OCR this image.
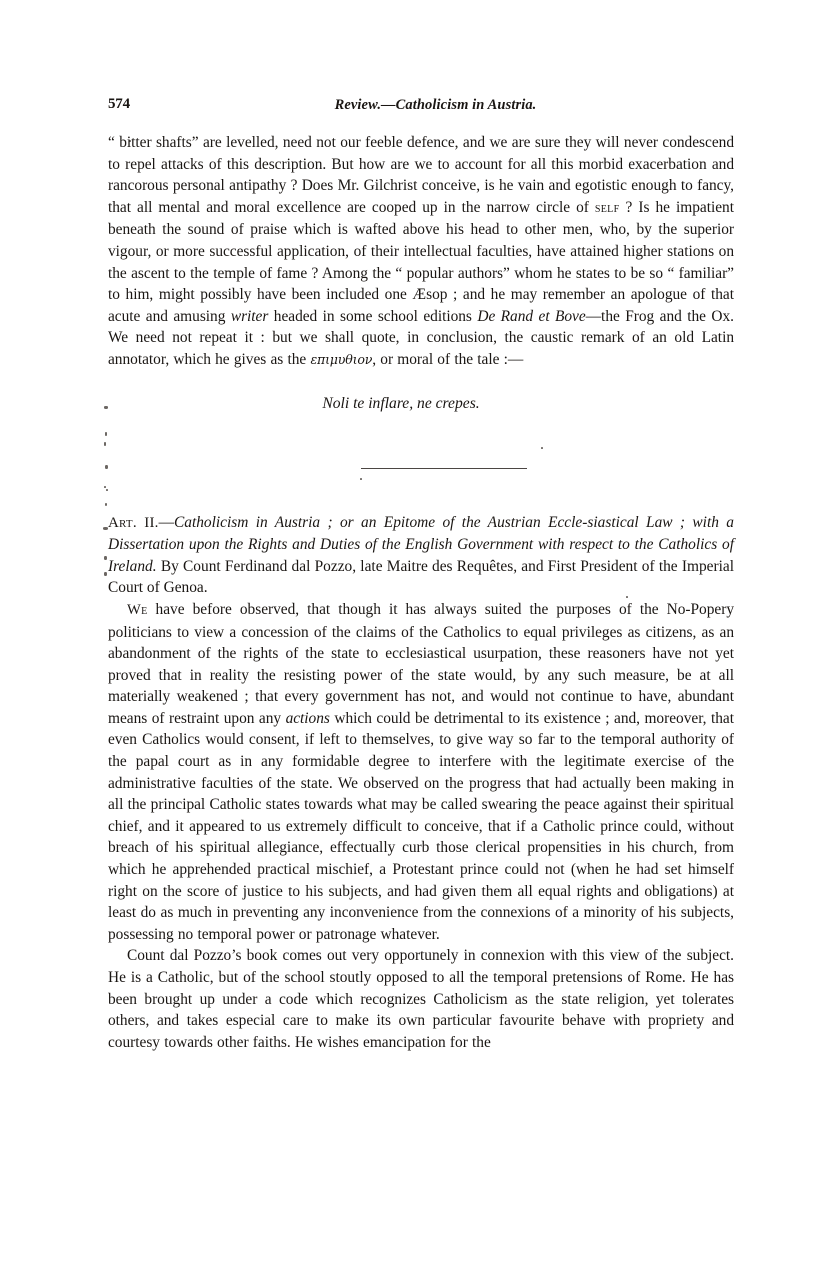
574	Review.—Catholicism in Austria.

“ bitter shafts” are levelled, need not our feeble defence, and we are sure they will never condescend to repel attacks of this description. But how are we to account for all this morbid exacerbation and rancorous personal antipathy ? Does Mr. Gilchrist conceive, is he vain and egotistic enough to fancy, that all mental and moral excellence are cooped up in the narrow circle of self ? Is he impatient beneath the sound of praise which is wafted above his head to other men, who, by the superior vigour, or more successful application, of their intellectual faculties, have attained higher stations on the ascent to the temple of fame ? Among the “ popular authors” whom he states to be so “ familiar” to him, might possibly have been included one Æsop ; and he may remember an apologue of that acute and amusing writer headed in some school editions De Rand et Bove—the Frog and the Ox. We need not repeat it : but we shall quote, in conclusion, the caustic remark of an old Latin annotator, which he gives as the επιμυθιον, or moral of the tale :—

Noli te inflare, ne crepes.

Art. II.—Catholicism in Austria ; or an Epitome of the Austrian Eccle-siastical Law ; with a Dissertation upon the Rights and Duties of the English Government with respect to the Catholics of Ireland. By Count Ferdinand dal Pozzo, late Maitre des Requêtes, and First President of the Imperial Court of Genoa.

We have before observed, that though it has always suited the purposes of the No-Popery politicians to view a concession of the claims of the Catholics to equal privileges as citizens, as an abandonment of the rights of the state to ecclesiastical usurpation, these reasoners have not yet proved that in reality the resisting power of the state would, by any such measure, be at all materially weakened ; that every government has not, and would not continue to have, abundant means of restraint upon any actions which could be detrimental to its existence ; and, moreover, that even Catholics would consent, if left to themselves, to give way so far to the temporal authority of the papal court as in any formidable degree to interfere with the legitimate exercise of the administrative faculties of the state. We observed on the progress that had actually been making in all the principal Catholic states towards what may be called swearing the peace against their spiritual chief, and it appeared to us extremely difficult to conceive, that if a Catholic prince could, without breach of his spiritual allegiance, effectually curb those clerical propensities in his church, from which he apprehended practical mischief, a Protestant prince could not (when he had set himself right on the score of justice to his subjects, and had given them all equal rights and obligations) at least do as much in preventing any inconvenience from the connexions of a minority of his subjects, possessing no temporal power or patronage whatever.

Count dal Pozzo’s book comes out very opportunely in connexion with this view of the subject. He is a Catholic, but of the school stoutly opposed to all the temporal pretensions of Rome. He has been brought up under a code which recognizes Catholicism as the state religion, yet tolerates others, and takes especial care to make its own particular favourite behave with propriety and courtesy towards other faiths. He wishes emancipation for the
